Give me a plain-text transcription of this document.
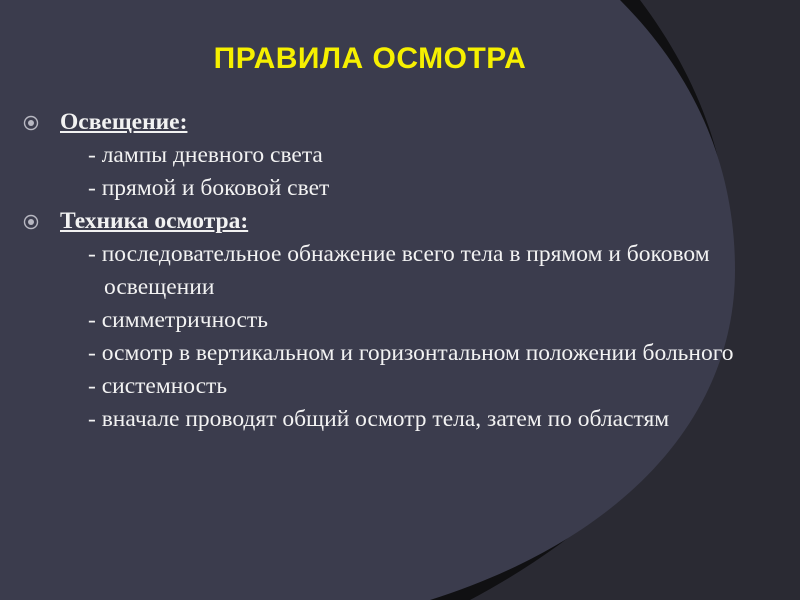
ПРАВИЛА ОСМОТРА
Освещение:
- лампы дневного света
- прямой и боковой свет
Техника осмотра:
- последовательное обнажение всего тела в прямом и боковом освещении
- симметричность
- осмотр в вертикальном и горизонтальном положении больного
- системность
- вначале проводят общий осмотр тела, затем по областям
